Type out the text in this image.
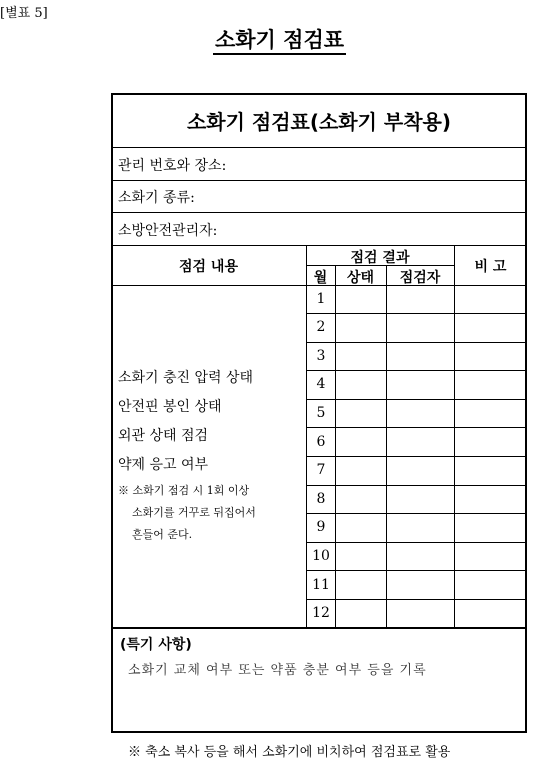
[별표 5]
소화기 점검표
소화기 점검표(소화기 부착용)
관리 번호와 장소:
소화기 종류:
소방안전관리자:
점검 내용
점검 결과
월	상태	점검자
비 고
1
2
3
4
5
6
7
8
9
10
11
12
소화기 충진 압력 상태
안전핀 봉인 상태
외관 상태 점검
약제 응고 여부
※ 소화기 점검 시 1회 이상
소화기를 거꾸로 뒤집어서
흔들어 준다.
(특기 사항)
소화기 교체 여부 또는 약품 충분 여부 등을 기록
※ 축소 복사 등을 해서 소화기에 비치하여 점검표로 활용
